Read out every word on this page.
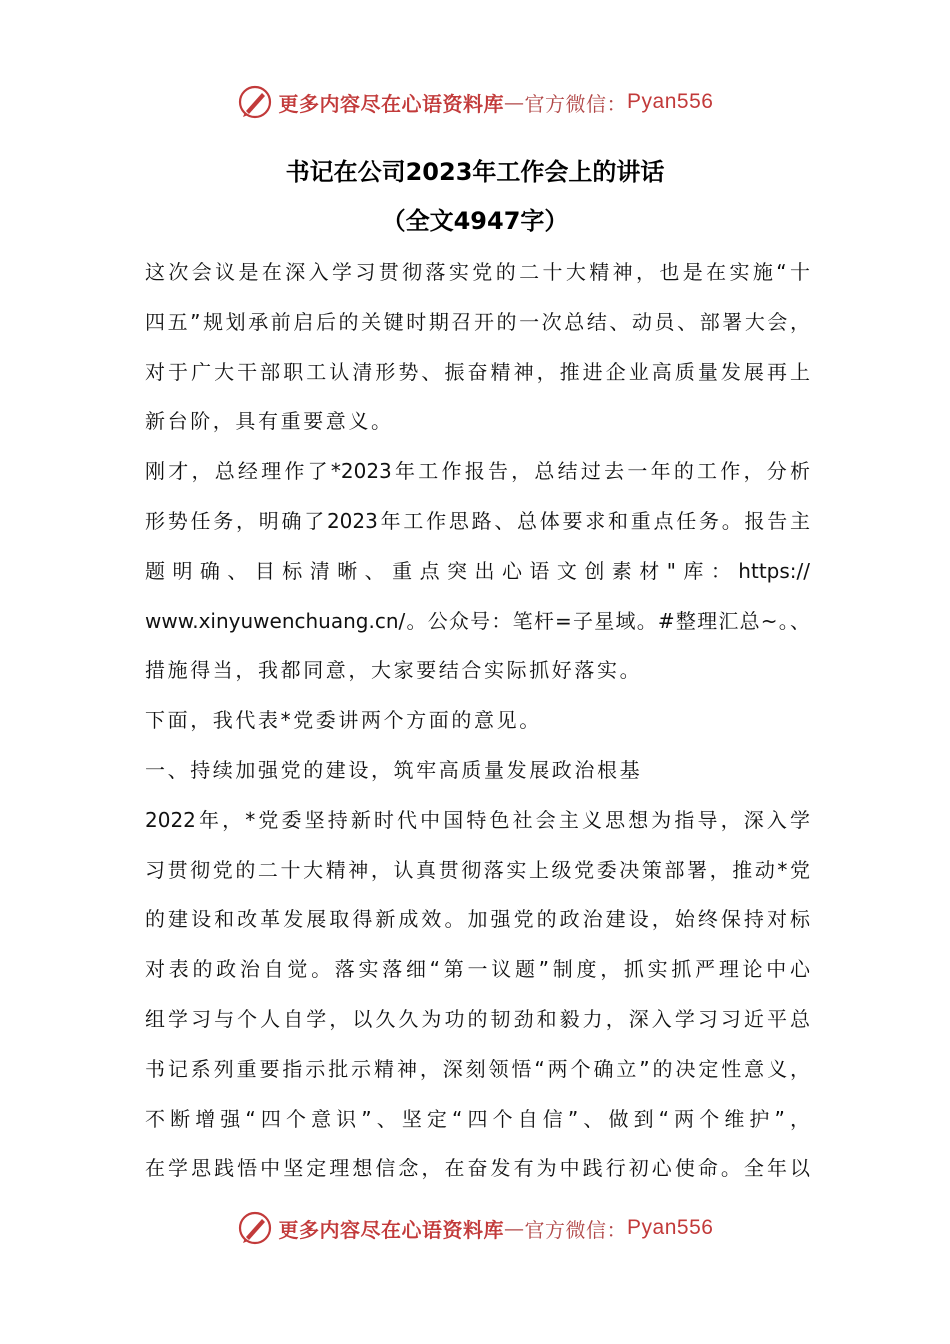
更多内容尽在心语资料库 — 官方微信： Pyan556
书记在公司2023年工作会上的讲话
（全文4947字）
这次会议是在深入学习贯彻落实党的二十大精神，也是在实施“十
四五”规划承前启后的关键时期召开的一次总结、动员、部署大会，
对于广大干部职工认清形势、振奋精神，推进企业高质量发展再上
新台阶，具有重要意义。
刚才，总经理作了*2023年工作报告，总结过去一年的工作，分析
形势任务，明确了2023年工作思路、总体要求和重点任务。报告主
题明确、目标清晰、重点突出心语文创素材"库：https://
www.xinyuwenchuang.cn/。公众号：笔杆=子星域。#整理汇总~。、
措施得当，我都同意，大家要结合实际抓好落实。
下面，我代表*党委讲两个方面的意见。
一、持续加强党的建设，筑牢高质量发展政治根基
2022年，*党委坚持新时代中国特色社会主义思想为指导，深入学
习贯彻党的二十大精神，认真贯彻落实上级党委决策部署，推动*党
的建设和改革发展取得新成效。加强党的政治建设，始终保持对标
对表的政治自觉。落实落细“第一议题”制度，抓实抓严理论中心
组学习与个人自学，以久久为功的韧劲和毅力，深入学习习近平总
书记系列重要指示批示精神，深刻领悟“两个确立”的决定性意义，
不断增强“四个意识”、坚定“四个自信”、做到“两个维护”，
在学思践悟中坚定理想信念，在奋发有为中践行初心使命。全年以
更多内容尽在心语资料库 — 官方微信： Pyan556
